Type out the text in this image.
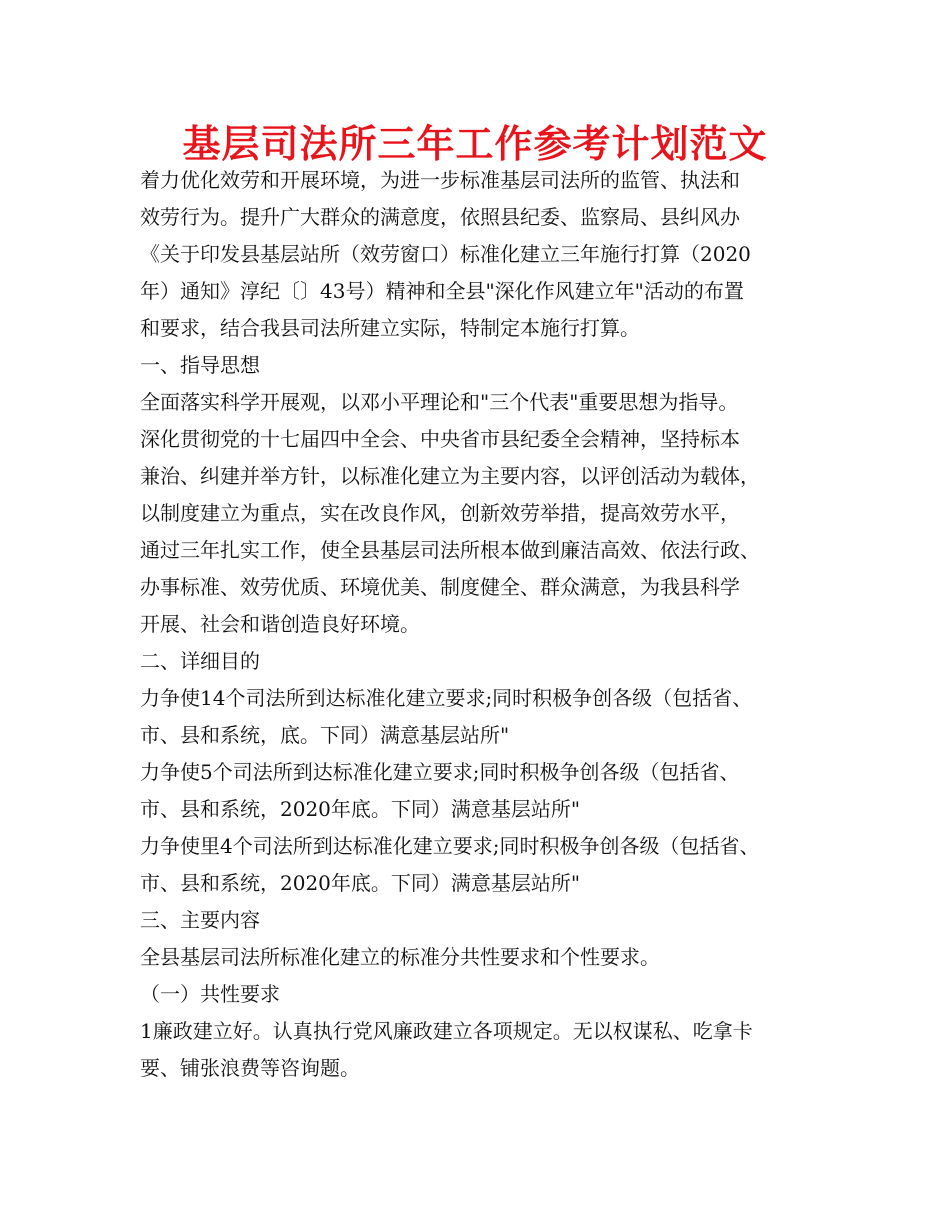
基层司法所三年工作参考计划范文
着力优化效劳和开展环境，为进一步标准基层司法所的监管、执法和
效劳行为。提升广大群众的满意度，依照县纪委、监察局、县纠风办
《关于印发县基层站所（效劳窗口）标准化建立三年施行打算（2020
年）通知》淳纪〔〕43号）精神和全县"深化作风建立年"活动的布置
和要求，结合我县司法所建立实际，特制定本施行打算。
一、指导思想
全面落实科学开展观，以邓小平理论和"三个代表"重要思想为指导。
深化贯彻党的十七届四中全会、中央省市县纪委全会精神，坚持标本
兼治、纠建并举方针，以标准化建立为主要内容，以评创活动为载体，
以制度建立为重点，实在改良作风，创新效劳举措，提高效劳水平，
通过三年扎实工作，使全县基层司法所根本做到廉洁高效、依法行政、
办事标准、效劳优质、环境优美、制度健全、群众满意，为我县科学
开展、社会和谐创造良好环境。
二、详细目的
力争使14个司法所到达标准化建立要求;同时积极争创各级（包括省、
市、县和系统，底。下同）满意基层站所"
力争使5个司法所到达标准化建立要求;同时积极争创各级（包括省、
市、县和系统，2020年底。下同）满意基层站所"
力争使里4个司法所到达标准化建立要求;同时积极争创各级（包括省、
市、县和系统，2020年底。下同）满意基层站所"
三、主要内容
全县基层司法所标准化建立的标准分共性要求和个性要求。
（一）共性要求
1廉政建立好。认真执行党风廉政建立各项规定。无以权谋私、吃拿卡
要、铺张浪费等咨询题。
